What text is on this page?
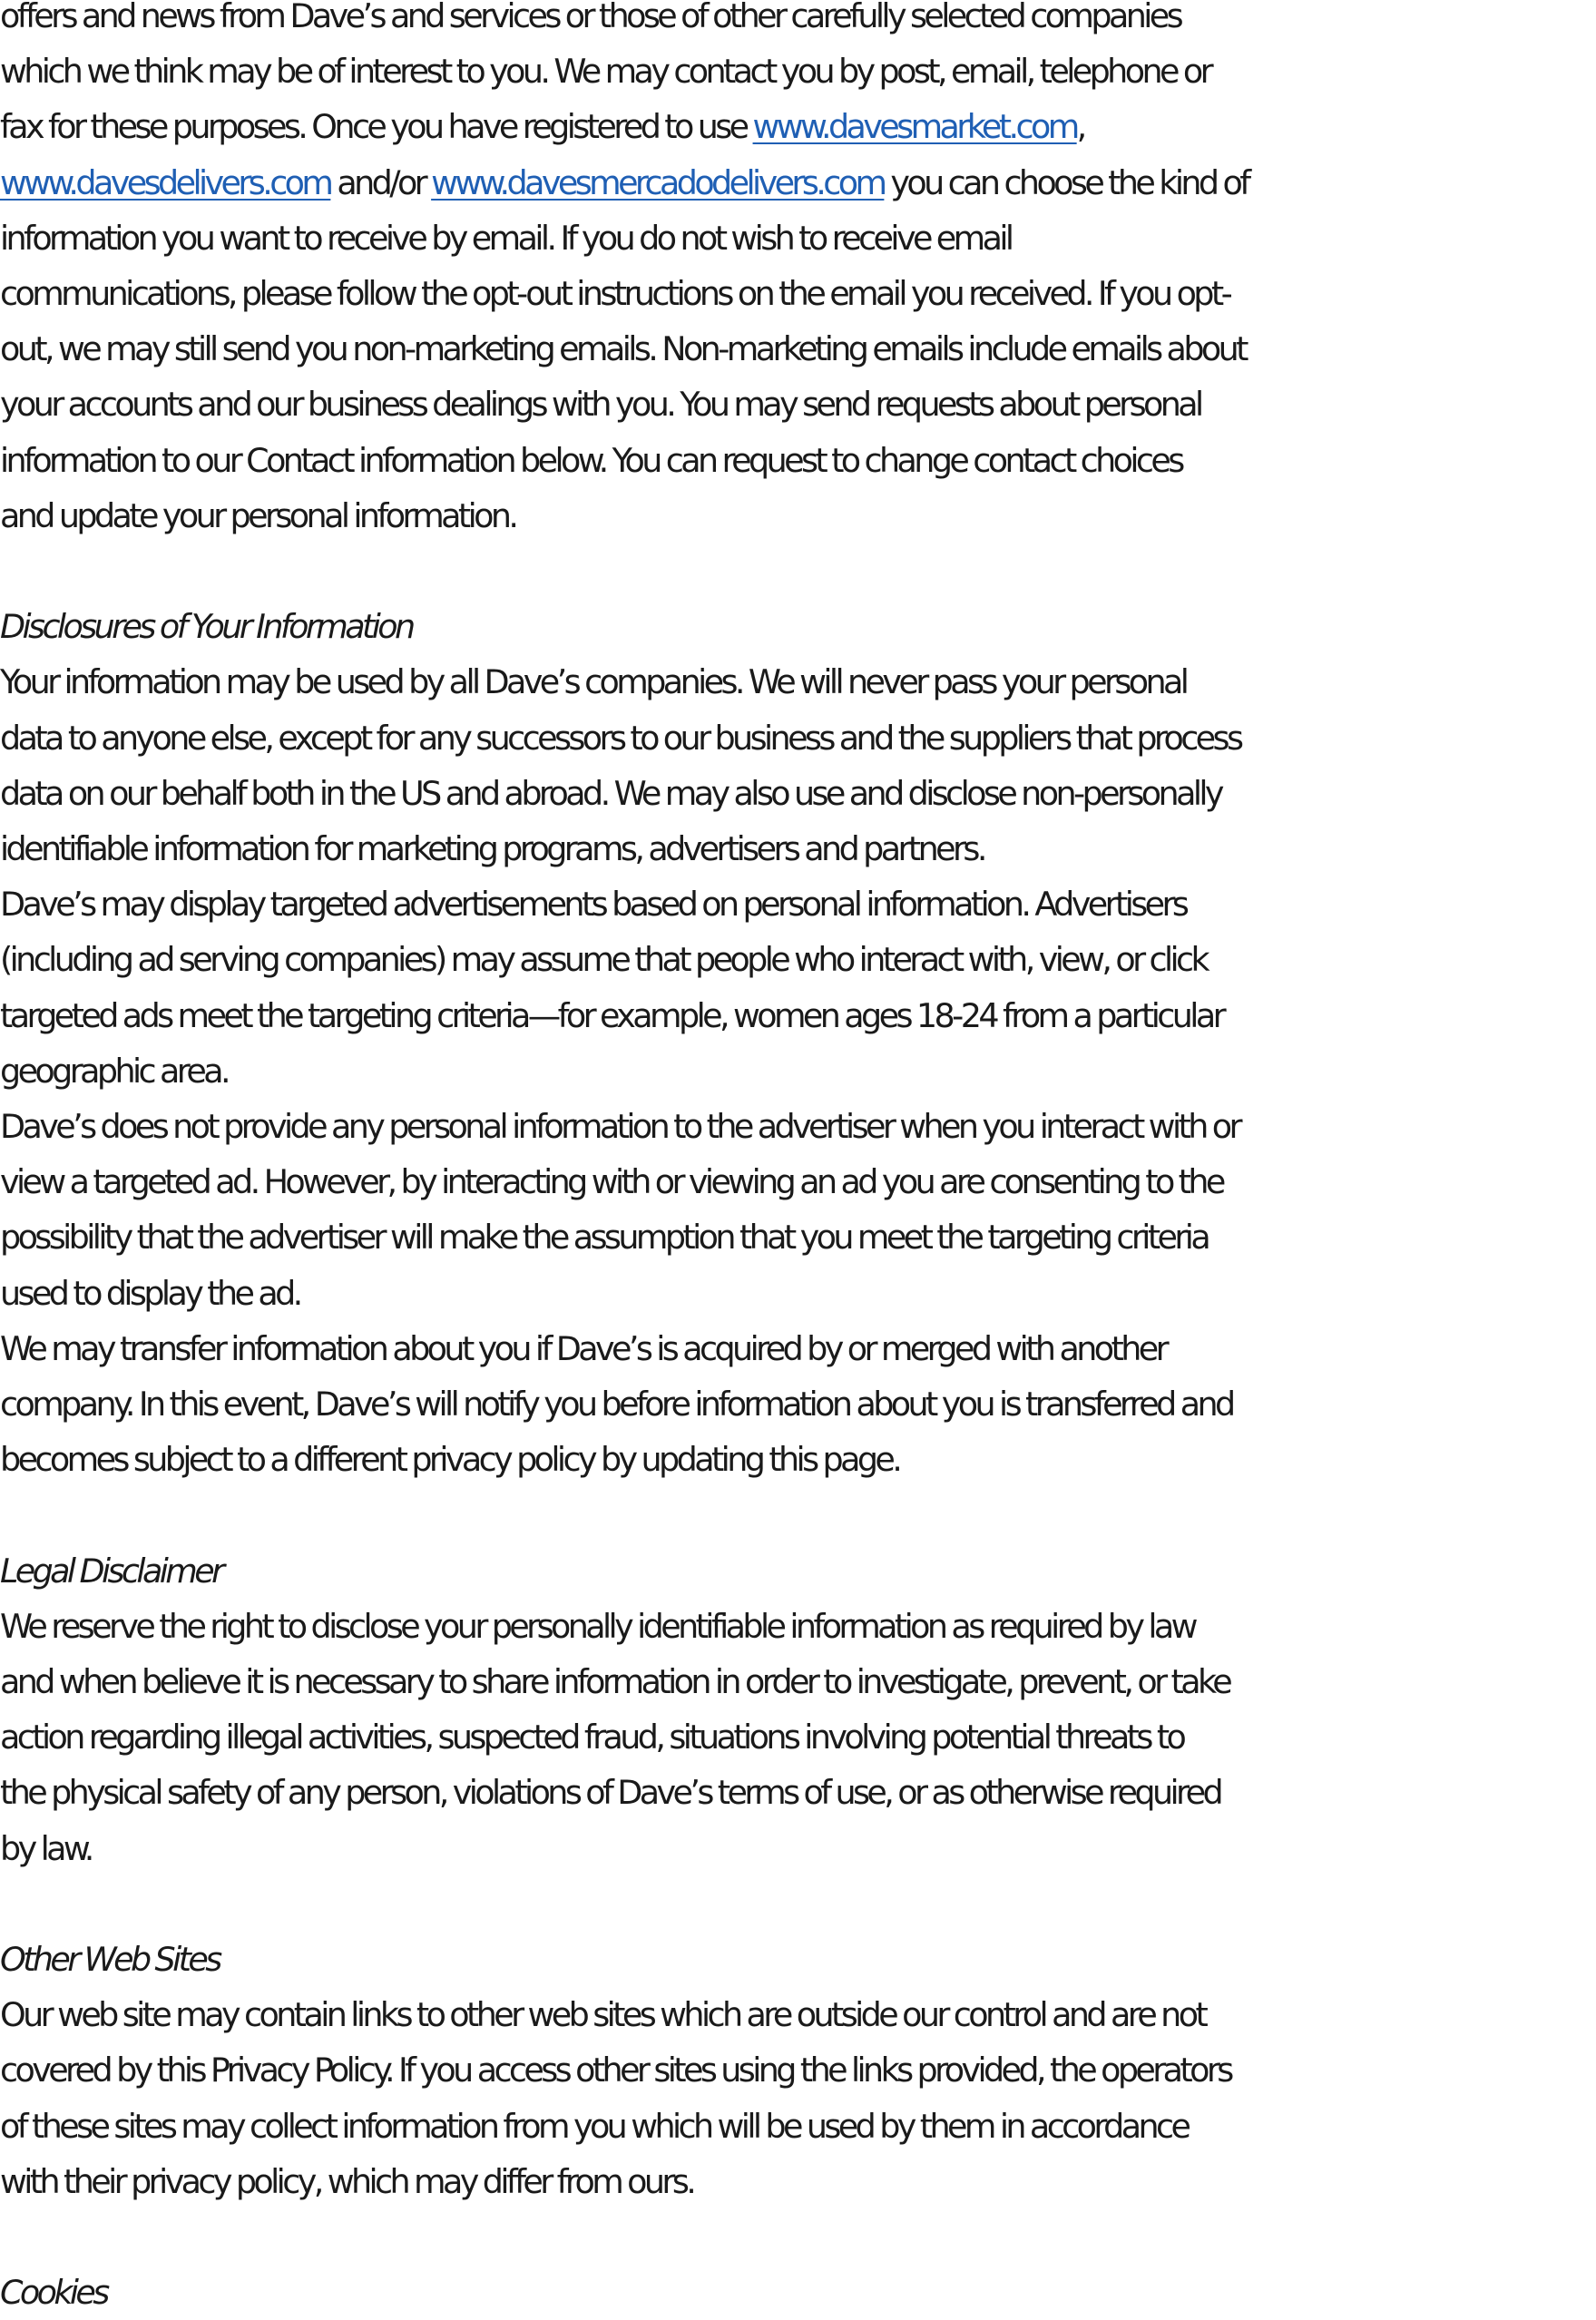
offers and news from Dave’s and services or those of other carefully selected companies

which we think may be of interest to you. We may contact you by post, email, telephone or

fax for these purposes. Once you have registered to use www.davesmarket.com,

www.davesdelivers.com and/or www.davesmercadodelivers.com you can choose the kind of

information you want to receive by email. If you do not wish to receive email

communications, please follow the opt-out instructions on the email you received. If you opt-

out, we may still send you non-marketing emails. Non-marketing emails include emails about

your accounts and our business dealings with you. You may send requests about personal

information to our Contact information below. You can request to change contact choices

and update your personal information.

Disclosures of Your Information

Your information may be used by all Dave’s companies. We will never pass your personal

data to anyone else, except for any successors to our business and the suppliers that process

data on our behalf both in the US and abroad. We may also use and disclose non-personally

identifiable information for marketing programs, advertisers and partners.

Dave’s may display targeted advertisements based on personal information. Advertisers

(including ad serving companies) may assume that people who interact with, view, or click

targeted ads meet the targeting criteria—for example, women ages 18-24 from a particular

geographic area.

Dave’s does not provide any personal information to the advertiser when you interact with or

view a targeted ad. However, by interacting with or viewing an ad you are consenting to the

possibility that the advertiser will make the assumption that you meet the targeting criteria

used to display the ad.

We may transfer information about you if Dave’s is acquired by or merged with another

company. In this event, Dave’s will notify you before information about you is transferred and

becomes subject to a different privacy policy by updating this page.

Legal Disclaimer

We reserve the right to disclose your personally identifiable information as required by law

and when believe it is necessary to share information in order to investigate, prevent, or take

action regarding illegal activities, suspected fraud, situations involving potential threats to

the physical safety of any person, violations of Dave’s terms of use, or as otherwise required

by law.

Other Web Sites

Our web site may contain links to other web sites which are outside our control and are not

covered by this Privacy Policy. If you access other sites using the links provided, the operators

of these sites may collect information from you which will be used by them in accordance

with their privacy policy, which may differ from ours.

Cookies
